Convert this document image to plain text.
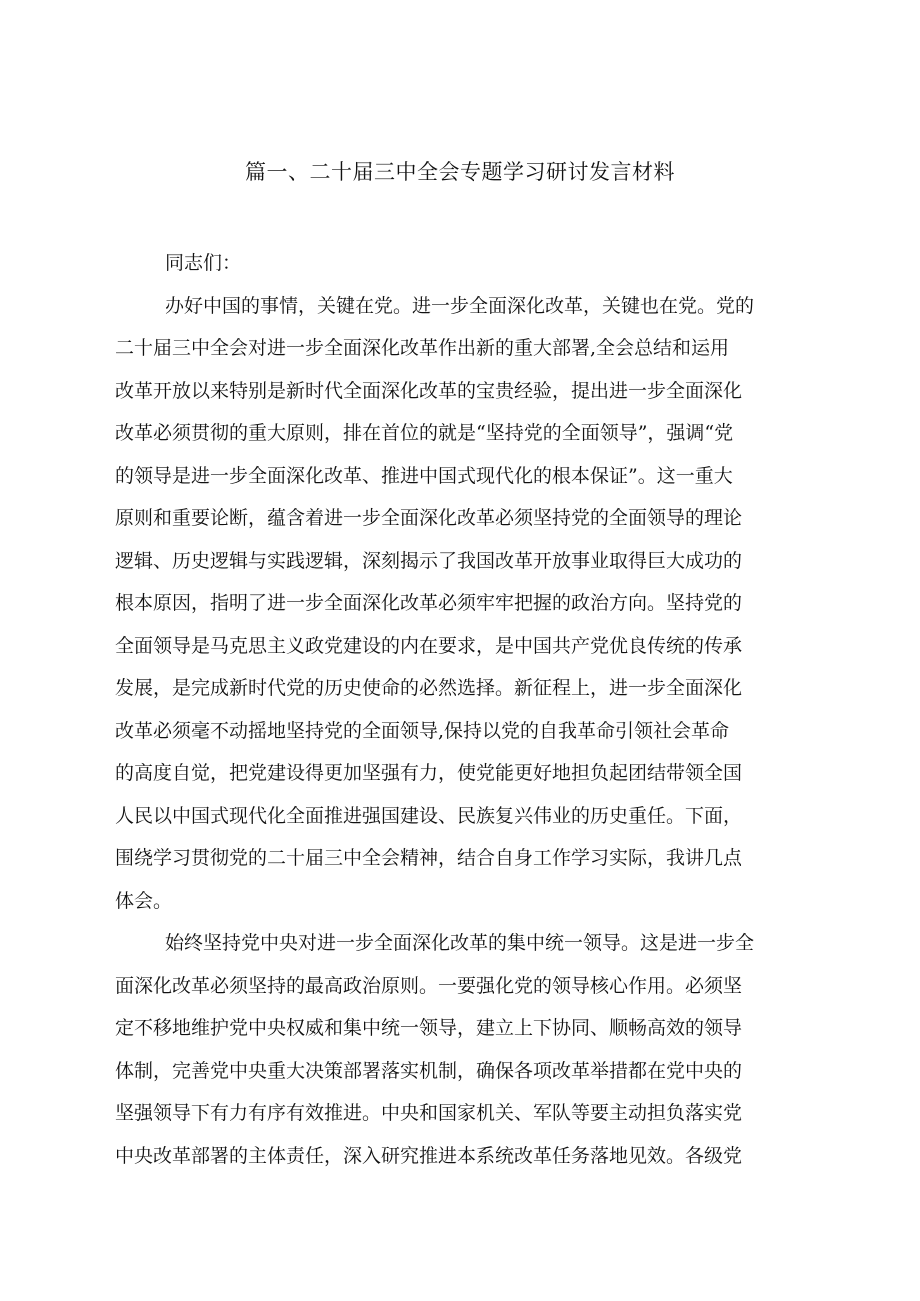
篇一、二十届三中全会专题学习研讨发言材料
同志们：
办好中国的事情，关键在党。进一步全面深化改革，关键也在党。党的
二十届三中全会对进一步全面深化改革作出新的重大部署,全会总结和运用
改革开放以来特别是新时代全面深化改革的宝贵经验，提出进一步全面深化
改革必须贯彻的重大原则，排在首位的就是“坚持党的全面领导”，强调“党
的领导是进一步全面深化改革、推进中国式现代化的根本保证”。这一重大
原则和重要论断，蕴含着进一步全面深化改革必须坚持党的全面领导的理论
逻辑、历史逻辑与实践逻辑，深刻揭示了我国改革开放事业取得巨大成功的
根本原因，指明了进一步全面深化改革必须牢牢把握的政治方向。坚持党的
全面领导是马克思主义政党建设的内在要求，是中国共产党优良传统的传承
发展，是完成新时代党的历史使命的必然选择。新征程上，进一步全面深化
改革必须毫不动摇地坚持党的全面领导,保持以党的自我革命引领社会革命
的高度自觉，把党建设得更加坚强有力，使党能更好地担负起团结带领全国
人民以中国式现代化全面推进强国建设、民族复兴伟业的历史重任。下面，
围绕学习贯彻党的二十届三中全会精神，结合自身工作学习实际，我讲几点
体会。
始终坚持党中央对进一步全面深化改革的集中统一领导。这是进一步全
面深化改革必须坚持的最高政治原则。一要强化党的领导核心作用。必须坚
定不移地维护党中央权威和集中统一领导，建立上下协同、顺畅高效的领导
体制，完善党中央重大决策部署落实机制，确保各项改革举措都在党中央的
坚强领导下有力有序有效推进。中央和国家机关、军队等要主动担负落实党
中央改革部署的主体责任，深入研究推进本系统改革任务落地见效。各级党
